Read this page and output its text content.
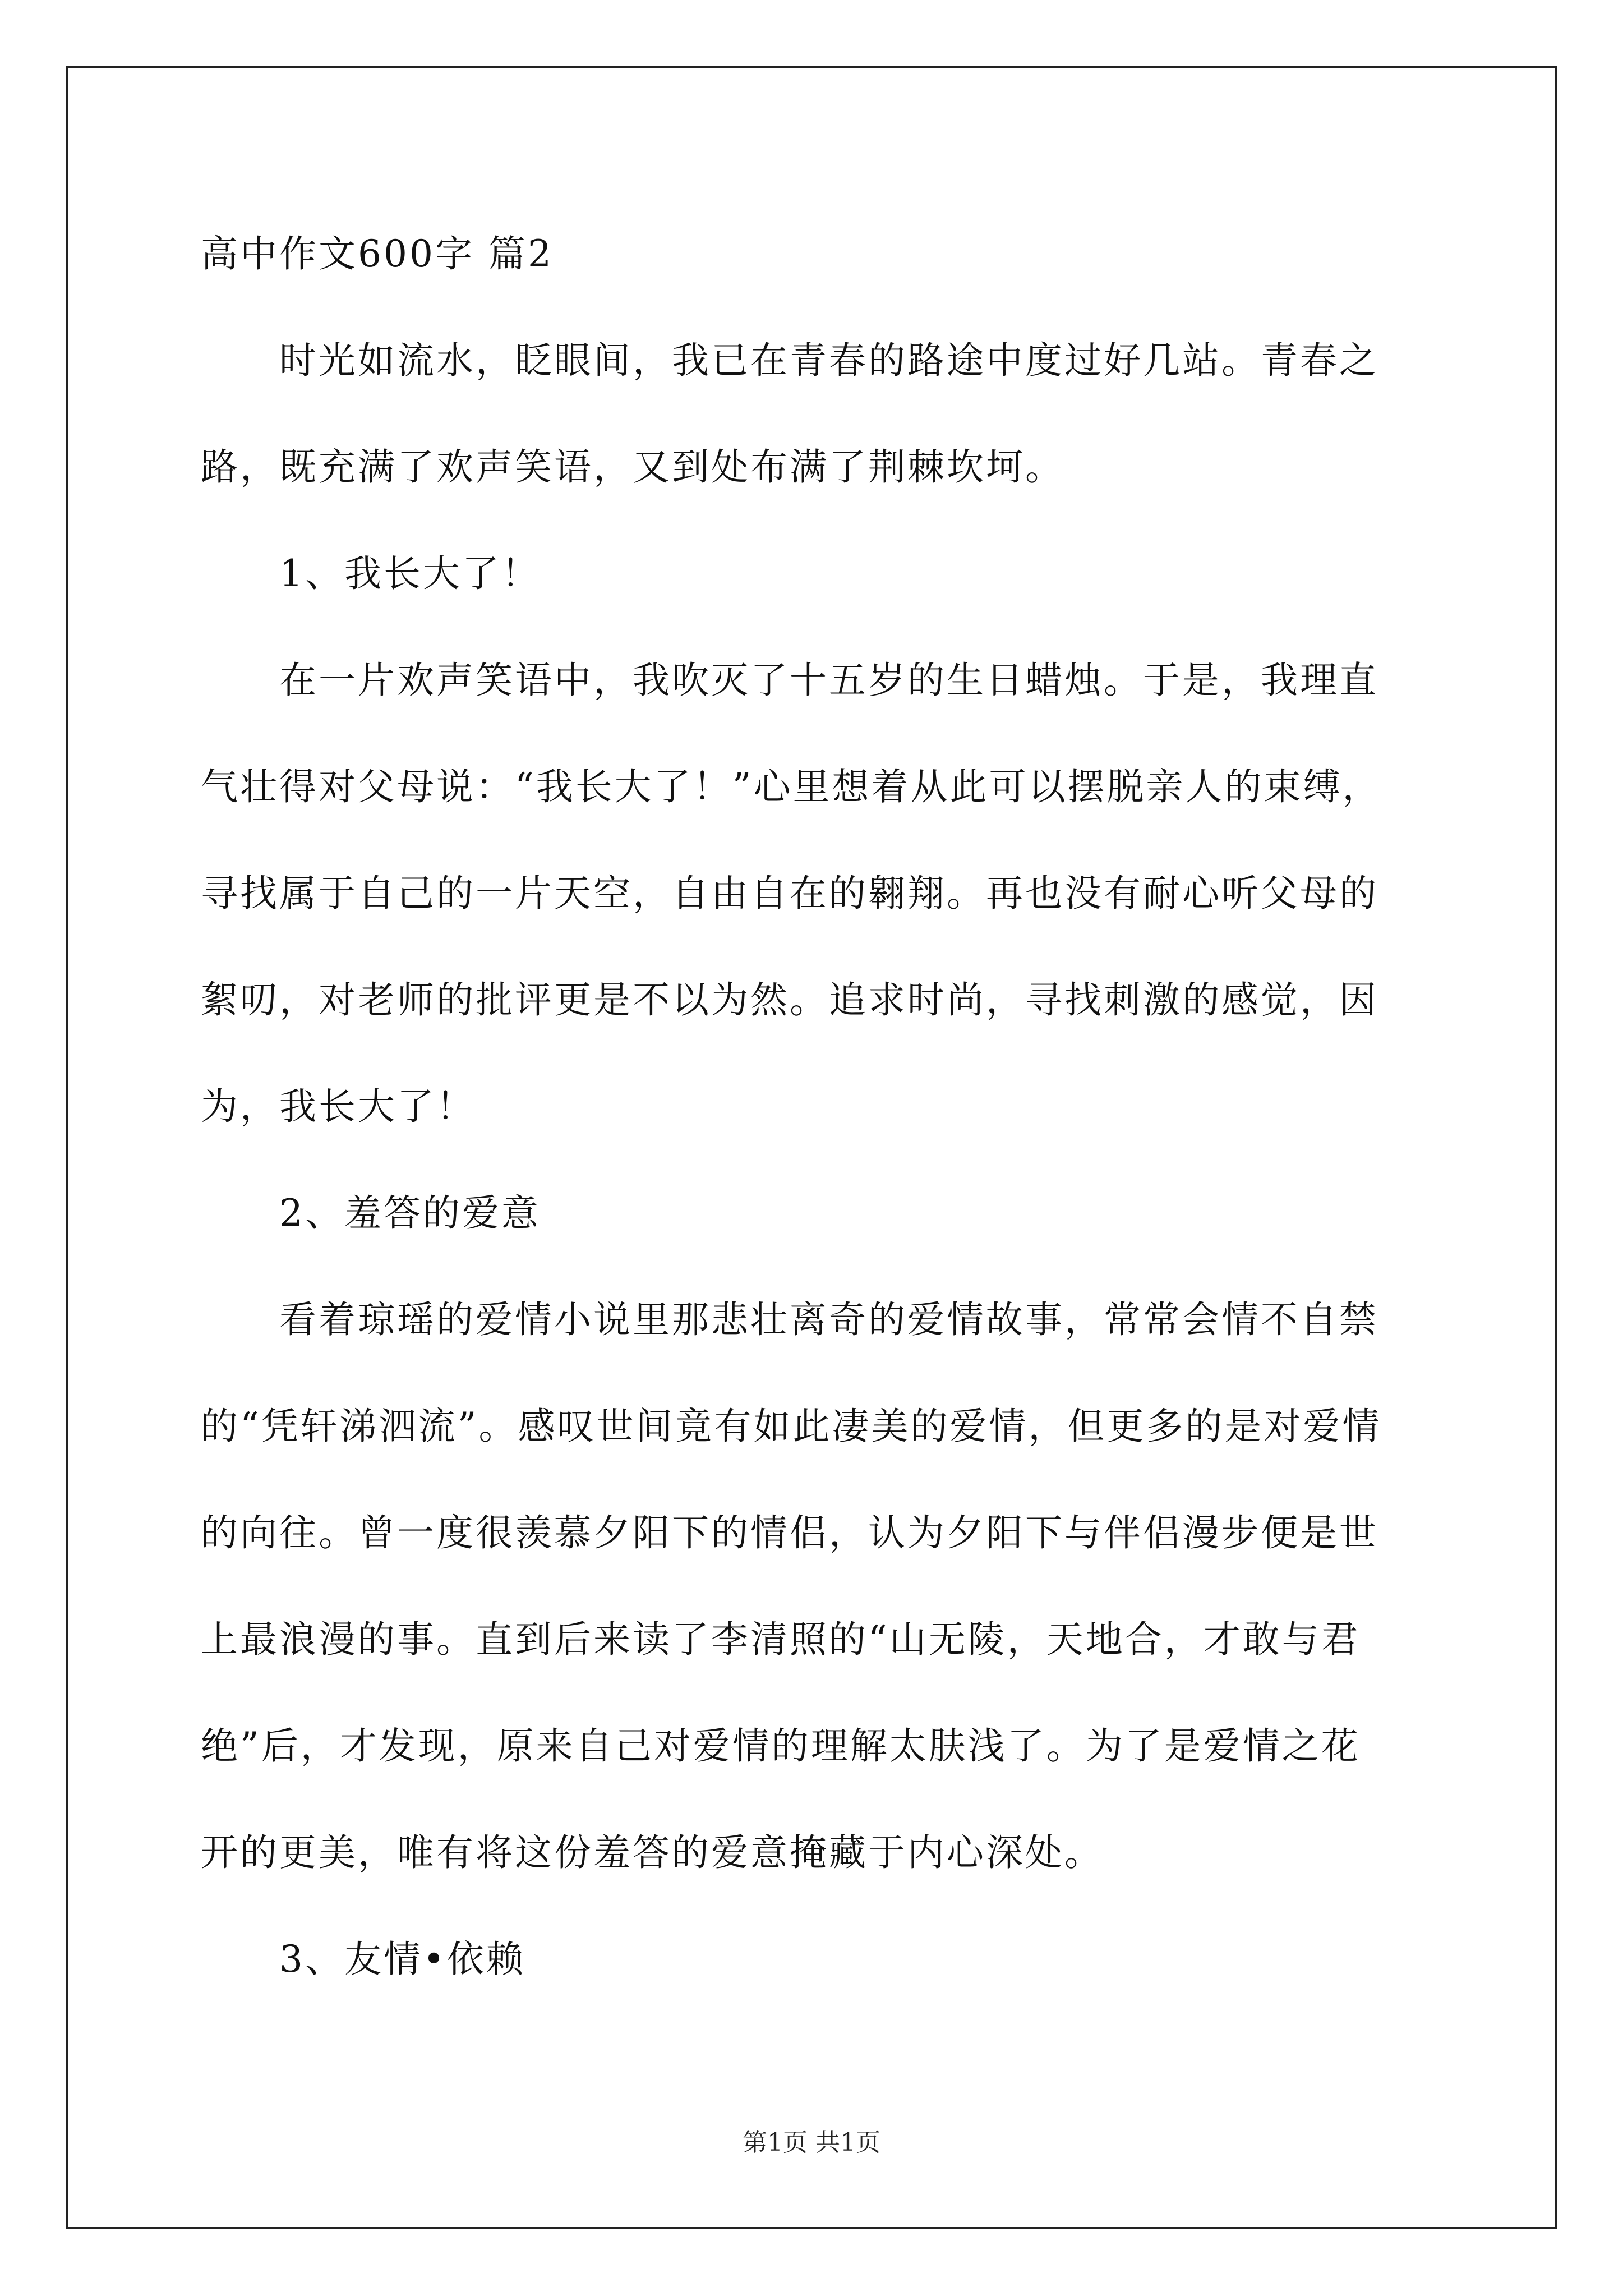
高中作文600字 篇2
时光如流水，眨眼间，我已在青春的路途中度过好几站。青春之
路，既充满了欢声笑语，又到处布满了荆棘坎坷。
1、我长大了！
在一片欢声笑语中，我吹灭了十五岁的生日蜡烛。于是，我理直
气壮得对父母说：“我长大了！”心里想着从此可以摆脱亲人的束缚，
寻找属于自己的一片天空，自由自在的翱翔。再也没有耐心听父母的
絮叨，对老师的批评更是不以为然。追求时尚，寻找刺激的感觉，因
为，我长大了！
2、羞答的爱意
看着琼瑶的爱情小说里那悲壮离奇的爱情故事，常常会情不自禁
的“凭轩涕泗流”。感叹世间竟有如此凄美的爱情，但更多的是对爱情
的向往。曾一度很羡慕夕阳下的情侣，认为夕阳下与伴侣漫步便是世
上最浪漫的事。直到后来读了李清照的“山无陵，天地合，才敢与君
绝”后，才发现，原来自己对爱情的理解太肤浅了。为了是爱情之花
开的更美，唯有将这份羞答的爱意掩藏于内心深处。
3、友情•依赖
第1页 共1页
